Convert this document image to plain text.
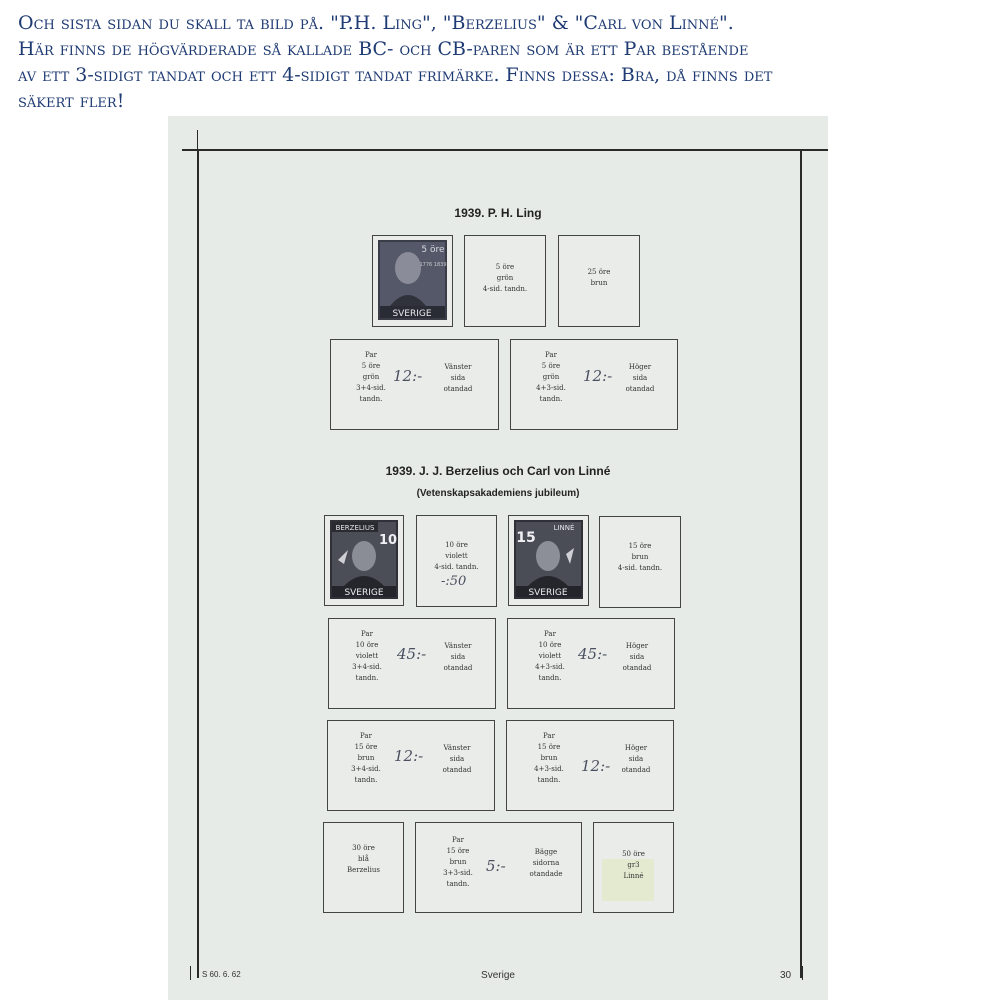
Och sista sidan du skall ta bild på. "P.H. Ling", "Berzelius" & "Carl von Linné".
Här finns de högvärderade så kallade BC- och CB-paren som är ett Par bestående
av ett 3-sidigt tandat och ett 4-sidigt tandat frimärke. Finns dessa: Bra, då finns det
säkert fler!
1939. P. H. Ling
SVERIGE
5 öre
1776 1839	5 öre
grön
4-sid. tandn.
25 öre
brun
Par
5 öre
grön
3+4-sid.
tandn.
12:-	Vänster
sida
otandad
Par
5 öre
grön
4+3-sid.
tandn.
12:-	Höger
sida
otandad
1939. J. J. Berzelius och Carl von Linné
(Vetenskapsakademiens jubileum)
BERZELIUS
10
SVERIGE
10 öre
violett
4-sid. tandn.
-:50
15
LINNÉ
SVERIGE
15 öre
brun
4-sid. tandn.
Par
10 öre
violett
3+4-sid.
tandn.
45:-	Vänster
sida
otandad
Par
10 öre
violett
4+3-sid.
tandn.
45:-	Höger
sida
otandad
Par
15 öre
brun
3+4-sid.
tandn.
12:-	Vänster
sida
otandad
Par
15 öre
brun
4+3-sid.
tandn.
12:-
Höger
sida
otandad
30 öre
blå
Berzelius
Par
15 öre
brun
3+3-sid.
tandn.
5:-
Bägge
sidorna
otandade
50 öre
gr3
Linné
S 60. 6. 62	Sverige	30
